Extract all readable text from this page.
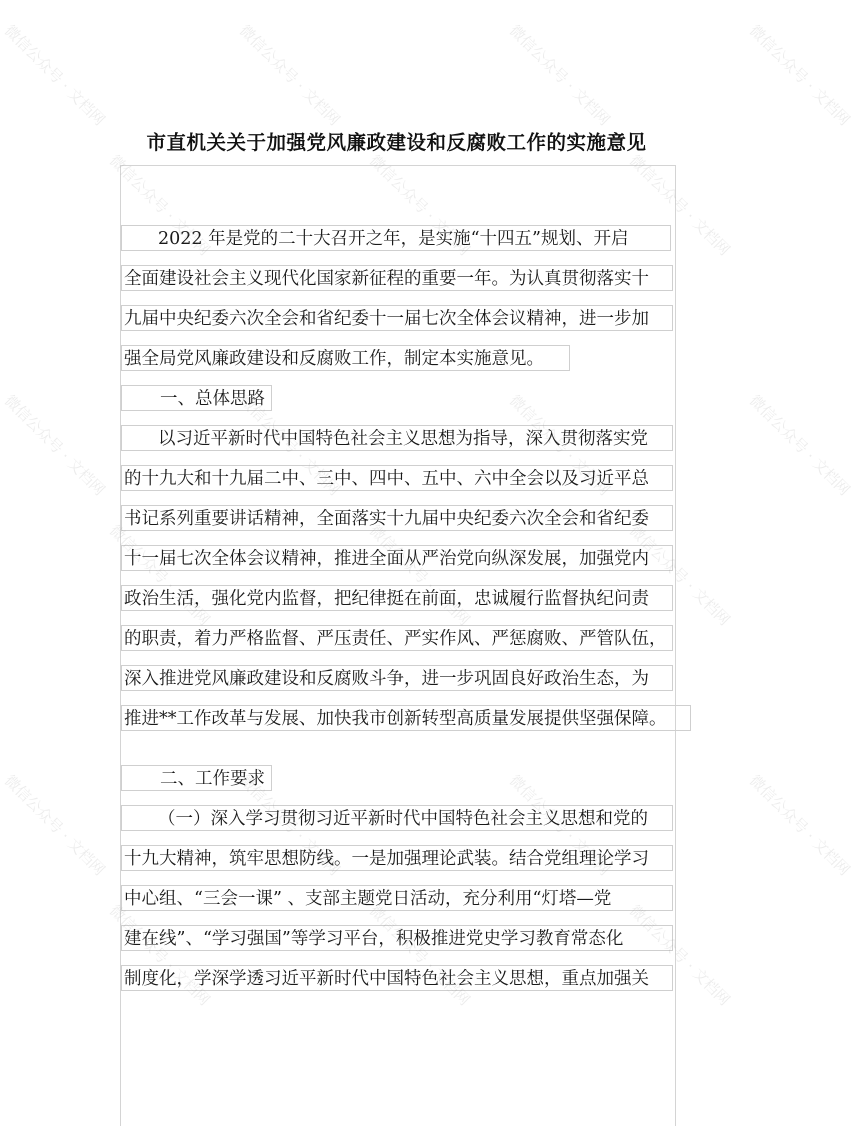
市直机关关于加强党风廉政建设和反腐败工作的实施意见
2022 年是党的二十大召开之年，是实施“十四五”规划、开启
全面建设社会主义现代化国家新征程的重要一年。为认真贯彻落实十
九届中央纪委六次全会和省纪委十一届七次全体会议精神，进一步加
强全局党风廉政建设和反腐败工作，制定本实施意见。
一、总体思路
以习近平新时代中国特色社会主义思想为指导，深入贯彻落实党
的十九大和十九届二中、三中、四中、五中、六中全会以及习近平总
书记系列重要讲话精神，全面落实十九届中央纪委六次全会和省纪委
十一届七次全体会议精神，推进全面从严治党向纵深发展，加强党内
政治生活，强化党内监督，把纪律挺在前面，忠诚履行监督执纪问责
的职责，着力严格监督、严压责任、严实作风、严惩腐败、严管队伍，
深入推进党风廉政建设和反腐败斗争，进一步巩固良好政治生态，为
推进**工作改革与发展、加快我市创新转型高质量发展提供坚强保障。
二、工作要求
（一）深入学习贯彻习近平新时代中国特色社会主义思想和党的
十九大精神，筑牢思想防线。一是加强理论武装。结合党组理论学习
中心组、“三会一课” 、支部主题党日活动，充分利用“灯塔—党
建在线”、“学习强国”等学习平台，积极推进党史学习教育常态化
制度化，学深学透习近平新时代中国特色社会主义思想，重点加强关
微信公众号 · 文档网	微信公众号 · 文档网	微信公众号 · 文档网	微信公众号 · 文档网
微信公众号 · 文档网	微信公众号 · 文档网	微信公众号 · 文档网
微信公众号 · 文档网	微信公众号 · 文档网	微信公众号 · 文档网	微信公众号 · 文档网
微信公众号 · 文档网	微信公众号 · 文档网	微信公众号 · 文档网
微信公众号 · 文档网	微信公众号 · 文档网	微信公众号 · 文档网	微信公众号 · 文档网
微信公众号 · 文档网	微信公众号 · 文档网	微信公众号 · 文档网
